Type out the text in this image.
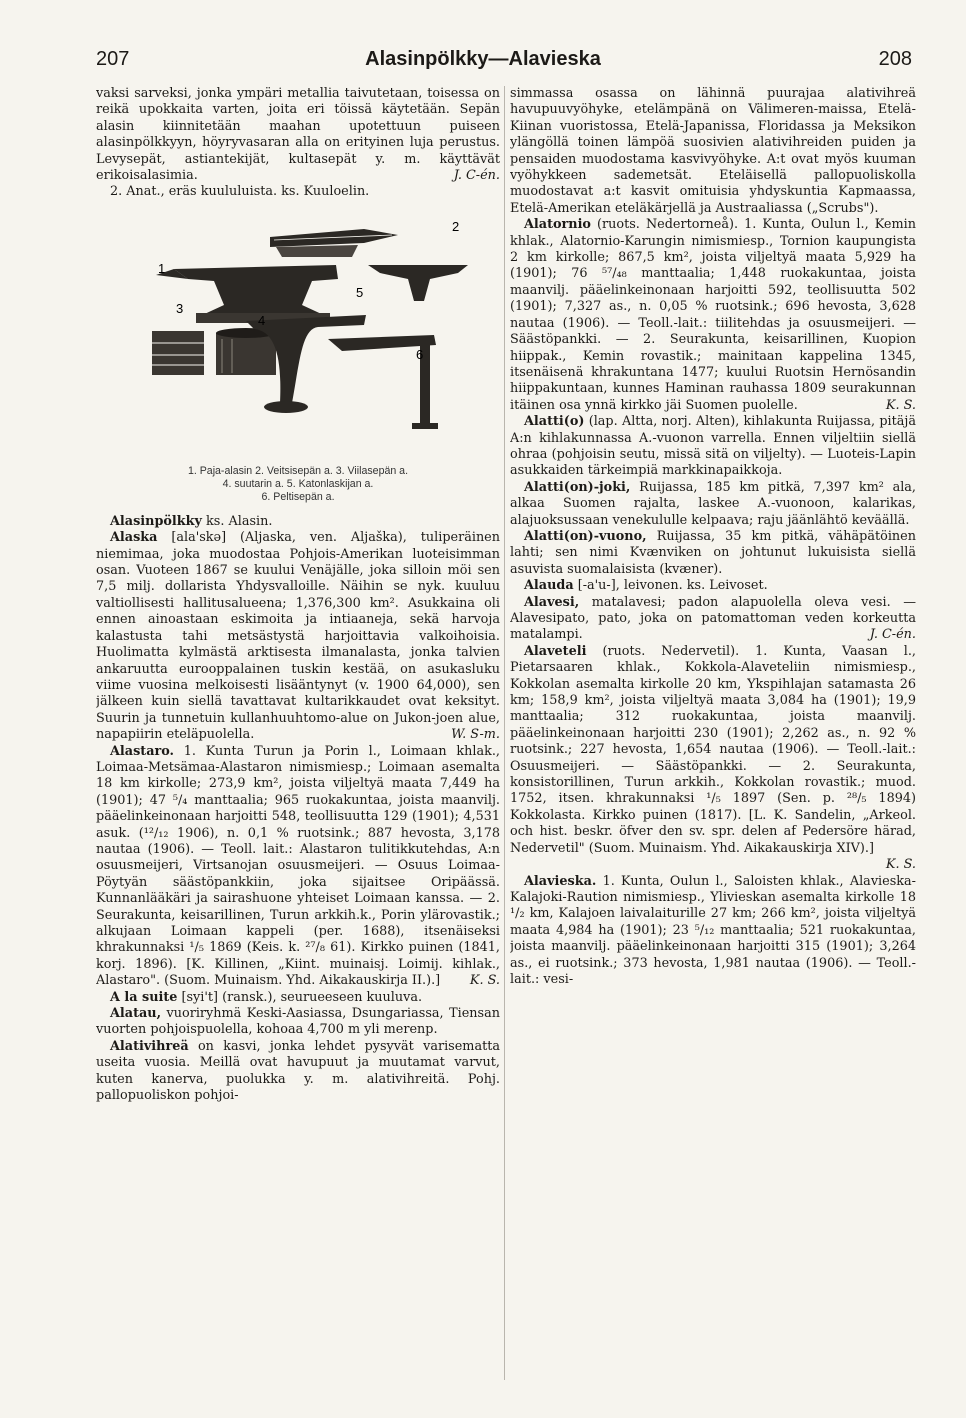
207	Alasinpölkky—Alavieska	208

vaksi sarveksi, jonka ympäri metallia taivutetaan, toisessa on reikä upokkaita varten, joita eri töissä käytetään. Sepän alasin kiinnitetään maahan upotettuun puiseen alasinpölkkyyn, höyryvasaran alla on erityinen luja perustus. Levysepät, astiantekijät, kultasepät y. m. käyttävät erikoisalasimia.	J. C-én.

2. Anat., eräs kuululuista. ks. Kuuloelin.

2
1
5
3
4
6
1. Paja-alasin 2. Veitsisepän a. 3. Viilasepän a.
4. suutarin a. 5. Katonlaskijan a.
6. Peltisepän a.

Alasinpölkky ks. Alasin.

Alaska [ala'skə] (Aljaska, ven. Aljaška), tuliperäinen niemimaa, joka muodostaa Pohjois-Amerikan luoteisimman osan. Vuoteen 1867 se kuului Venäjälle, joka silloin möi sen 7,5 milj. dollarista Yhdysvalloille. Näihin se nyk. kuuluu valtiollisesti hallitusalueena; 1,376,300 km². Asukkaina oli ennen ainoastaan eskimoita ja intiaaneja, sekä harvoja kalastusta tahi metsästystä harjoittavia valkoihoisia. Huolimatta kylmästä arktisesta ilmanalasta, jonka talvien ankaruutta eurooppalainen tuskin kestää, on asukasluku viime vuosina melkoisesti lisääntynyt (v. 1900 64,000), sen jälkeen kuin siellä tavattavat kultarikkaudet ovat keksityt. Suurin ja tunnetuin kullanhuuhtomo-alue on Jukon-joen alue, napapiirin eteläpuolella.	W. S-m.

Alastaro. 1. Kunta Turun ja Porin l., Loimaan khlak., Loimaa-Metsämaa-Alastaron nimismiesp.; Loimaan asemalta 18 km kirkolle; 273,9 km², joista viljeltyä maata 7,449 ha (1901); 47 ⁵/₄ manttaalia; 965 ruokakuntaa, joista maanvilj. pääelinkeinonaan harjoitti 548, teollisuutta 129 (1901); 4,531 asuk. (¹²/₁₂ 1906), n. 0,1 % ruotsink.; 887 hevosta, 3,178 nautaa (1906). — Teoll. lait.: Alastaron tulitikkutehdas, A:n osuusmeijeri, Virtsanojan osuusmeijeri. — Osuus Loimaa-Pöytyän säästöpankkiin, joka sijaitsee Oripäässä. Kunnanlääkäri ja sairashuone yhteiset Loimaan kanssa. — 2. Seurakunta, keisarillinen, Turun arkkih.k., Porin ylärovastik.; alkujaan Loimaan kappeli (per. 1688), itsenäiseksi khrakunnaksi ¹/₅ 1869 (Keis. k. ²⁷/₈ 61). Kirkko puinen (1841, korj. 1896). [K. Killinen, „Kiint. muinaisj. Loimij. kihlak., Alastaro". (Suom. Muinaism. Yhd. Aikakauskirja II.).]	K. S.

A la suite [syi't] (ransk.), seurueeseen kuuluva.

Alatau, vuoriryhmä Keski-Aasiassa, Dsungariassa, Tiensan vuorten pohjoispuolella, kohoaa 4,700 m yli merenp.

Alativihreä on kasvi, jonka lehdet pysyvät varisematta useita vuosia. Meillä ovat havupuut ja muutamat varvut, kuten kanerva, puolukka y. m. alativihreitä. Pohj. pallopuoliskon pohjoi-

simmassa osassa on lähinnä puurajaa alativihreä havupuuvyöhyke, etelämpänä on Välimeren-maissa, Etelä-Kiinan vuoristossa, Etelä-Japanissa, Floridassa ja Meksikon ylängöllä toinen lämpöä suosivien alativihreiden puiden ja pensaiden muodostama kasvivyöhyke. A:t ovat myös kuuman vyöhykkeen sademetsät. Eteläisellä pallopuoliskolla muodostavat a:t kasvit omituisia yhdyskuntia Kapmaassa, Etelä-Amerikan eteläkärjellä ja Austraaliassa („Scrubs").

Alatornio (ruots. Nedertorneå). 1. Kunta, Oulun l., Kemin khlak., Alatornio-Karungin nimismiesp., Tornion kaupungista 2 km kirkolle; 867,5 km², joista viljeltyä maata 5,929 ha (1901); 76 ⁵⁷/₄₈ manttaalia; 1,448 ruokakuntaa, joista maanvilj. pääelinkeinonaan harjoitti 592, teollisuutta 502 (1901); 7,327 as., n. 0,05 % ruotsink.; 696 hevosta, 3,628 nautaa (1906). — Teoll.-lait.: tiilitehdas ja osuusmeijeri. — Säästöpankki. — 2. Seurakunta, keisarillinen, Kuopion hiippak., Kemin rovastik.; mainitaan kappelina 1345, itsenäisenä khrakuntana 1477; kuului Ruotsin Hernösandin hiippakuntaan, kunnes Haminan rauhassa 1809 seurakunnan itäinen osa ynnä kirkko jäi Suomen puolelle.	K. S.

Alatti(o) (lap. Altta, norj. Alten), kihlakunta Ruijassa, pitäjä A:n kihlakunnassa A.-vuonon varrella. Ennen viljeltiin siellä ohraa (pohjoisin seutu, missä sitä on viljelty). — Luoteis-Lapin asukkaiden tärkeimpiä markkinapaikkoja.

Alatti(on)-joki, Ruijassa, 185 km pitkä, 7,397 km² ala, alkaa Suomen rajalta, laskee A.-vuonoon, kalarikas, alajuoksussaan venekululle kelpaava; raju jäänlähtö keväällä.

Alatti(on)-vuono, Ruijassa, 35 km pitkä, vähäpätöinen lahti; sen nimi Kvænviken on johtunut lukuisista siellä asuvista suomalaisista (kvæner).

Alauda [-a'u-], leivonen. ks. Leivoset.

Alavesi, matalavesi; padon alapuolella oleva vesi. — Alavesipato, pato, joka on patomattoman veden korkeutta matalampi.	J. C-én.

Alaveteli (ruots. Nedervetil). 1. Kunta, Vaasan l., Pietarsaaren khlak., Kokkola-Alaveteliin nimismiesp., Kokkolan asemalta kirkolle 20 km, Ykspihlajan satamasta 26 km; 158,9 km², joista viljeltyä maata 3,084 ha (1901); 19,9 manttaalia; 312 ruokakuntaa, joista maanvilj. pääelinkeinonaan harjoitti 230 (1901); 2,262 as., n. 92 % ruotsink.; 227 hevosta, 1,654 nautaa (1906). — Teoll.-lait.: Osuusmeijeri. — Säästöpankki. — 2. Seurakunta, konsistorillinen, Turun arkkih., Kokkolan rovastik.; muod. 1752, itsen. khrakunnaksi ¹/₅ 1897 (Sen. p. ²⁸/₅ 1894) Kokkolasta. Kirkko puinen (1817). [L. K. Sandelin, „Arkeol. och hist. beskr. öfver den sv. spr. delen af Pedersöre härad, Nedervetil" (Suom. Muinaism. Yhd. Aikakauskirja XIV).]
K. S.

Alavieska. 1. Kunta, Oulun l., Saloisten khlak., Alavieska-Kalajoki-Raution nimismiesp., Ylivieskan asemalta kirkolle 18 ¹/₂ km, Kalajoen laivalaiturille 27 km; 266 km², joista viljeltyä maata 4,984 ha (1901); 23 ⁵/₁₂ manttaalia; 521 ruokakuntaa, joista maanvilj. pääelinkeinonaan harjoitti 315 (1901); 3,264 as., ei ruotsink.; 373 hevosta, 1,981 nautaa (1906). — Teoll.-lait.: vesi-
